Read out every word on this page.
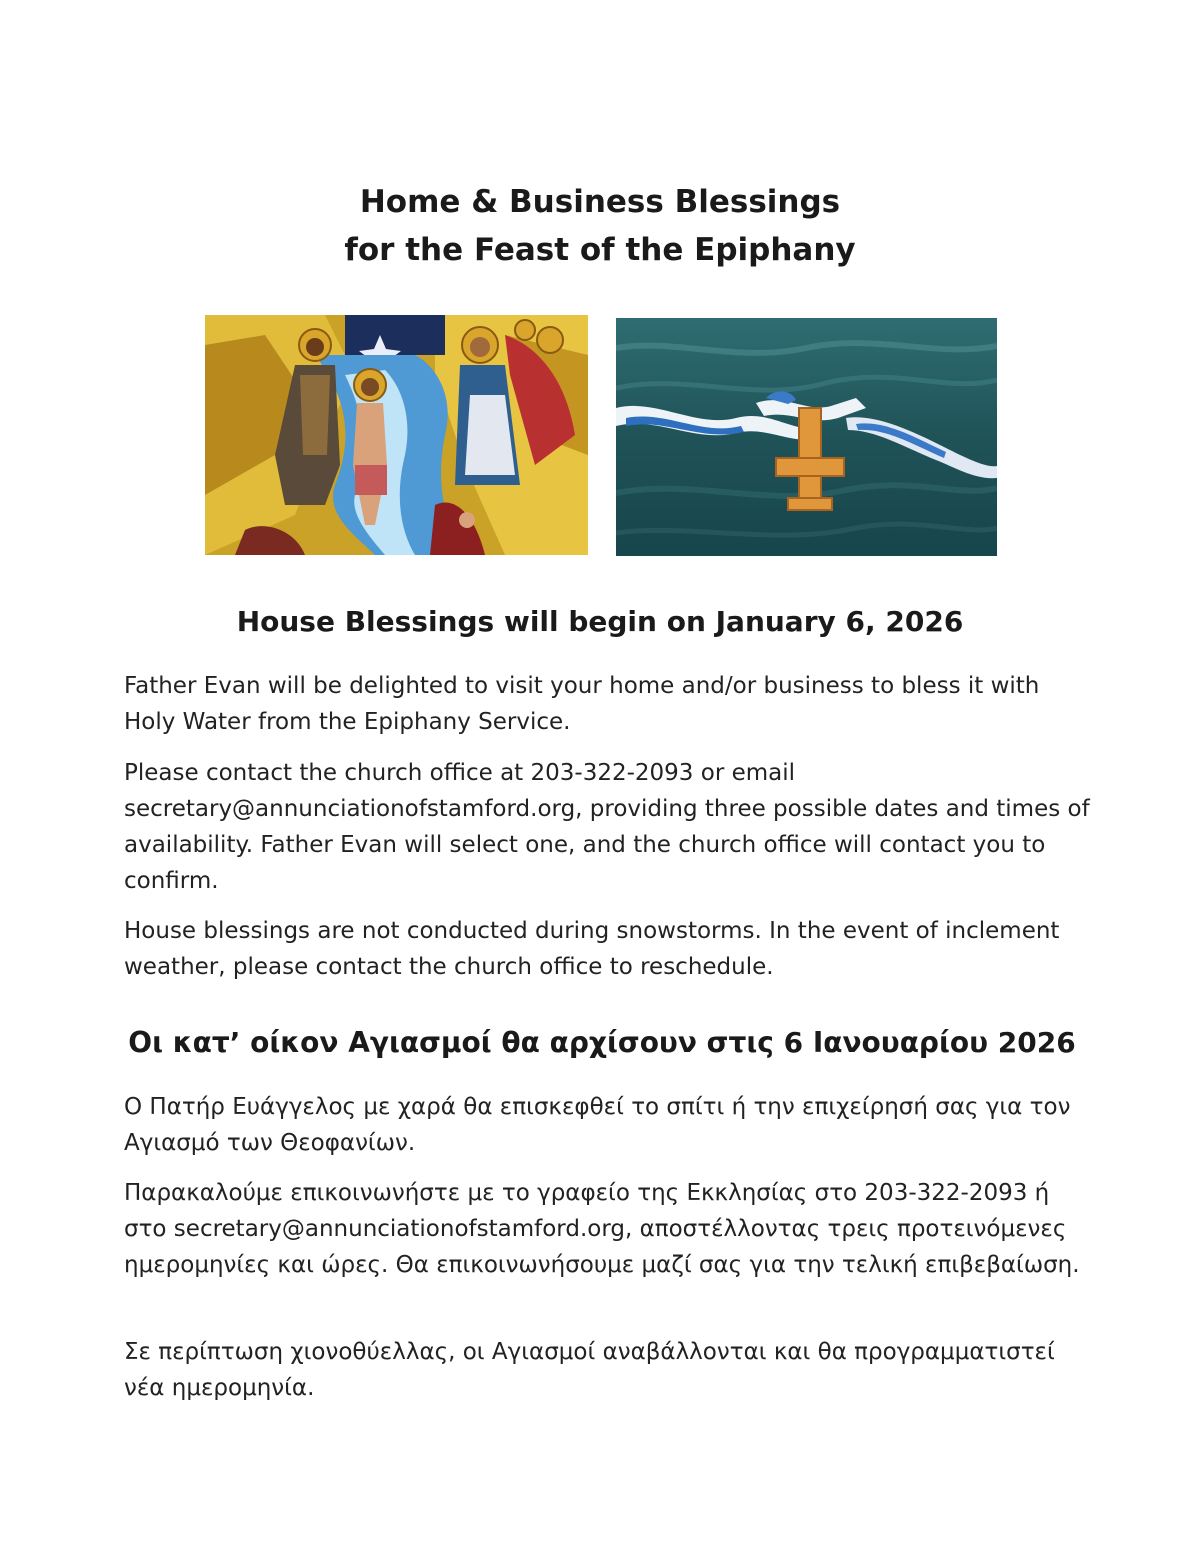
Home & Business Blessings
for the Feast of the Epiphany
House Blessings will begin on January 6, 2026

Father Evan will be delighted to visit your home and/or business to bless it with Holy Water from the Epiphany Service.

Please contact the church office at 203-322-2093 or email secretary@annunciationofstamford.org, providing three possible dates and times of availability. Father Evan will select one, and the church office will contact you to confirm.

House blessings are not conducted during snowstorms. In the event of inclement weather, please contact the church office to reschedule.

Οι κατ’ οίκον Αγιασμοί θα αρχίσουν στις 6 Ιανουαρίου 2026

Ο Πατήρ Ευάγγελος με χαρά θα επισκεφθεί το σπίτι ή την επιχείρησή σας για τον Αγιασμό των Θεοφανίων.

Παρακαλούμε επικοινωνήστε με το γραφείο της Εκκλησίας στο 203-322-2093 ή στο secretary@annunciationofstamford.org, αποστέλλοντας τρεις προτεινόμενες ημερομηνίες και ώρες. Θα επικοινωνήσουμε μαζί σας για την τελική επιβεβαίωση.

Σε περίπτωση χιονοθύελλας, οι Αγιασμοί αναβάλλονται και θα προγραμματιστεί νέα ημερομηνία.
